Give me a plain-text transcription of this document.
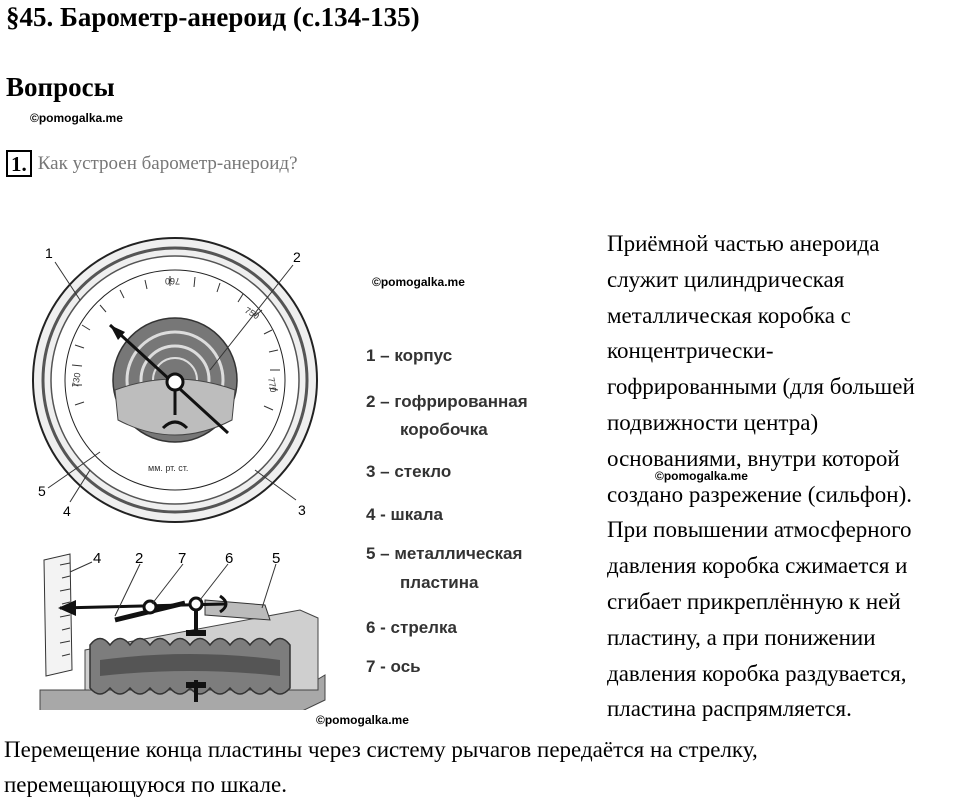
§45. Барометр-анероид (с.134-135)
Вопросы
©pomogalka.me
1. Как устроен барометр-анероид?
730
750
770
760
мм. рт. ст.
1	2
3
4
5
4 2 7	6	5
©pomogalka.me
1 – корпус
2 – гофрированная
коробочка
3 – стекло
4 - шкала
5 – металлическая
пластина
6 - стрелка
7 - ось
Приёмной частью анероида
служит цилиндрическая
металлическая коробка с
концентрически-
гофрированными (для большей
подвижности центра)
основаниями, внутри которой
создано разрежение (сильфон).
При повышении атмосферного
давления коробка сжимается и
сгибает прикреплённую к ней
пластину, а при понижении
давления коробка раздувается,
пластина распрямляется.
©pomogalka.me
©pomogalka.me
Перемещение конца пластины через систему рычагов передаётся на стрелку,
перемещающуюся по шкале.
